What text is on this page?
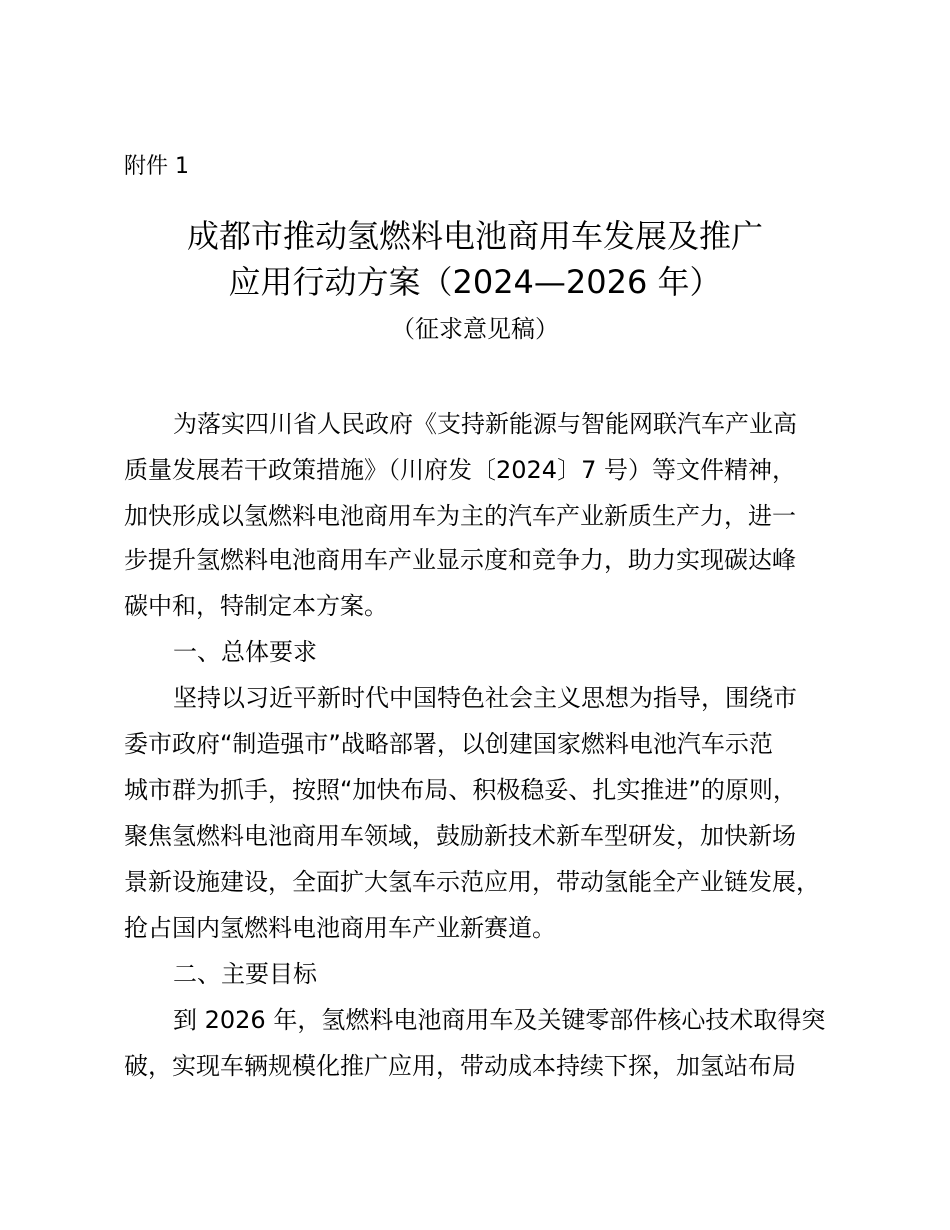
附件 1
成都市推动氢燃料电池商用车发展及推广
应用行动方案（2024—2026 年）
（征求意见稿）
为落实四川省人民政府《支持新能源与智能网联汽车产业高
质量发展若干政策措施》（川府发〔2024〕7 号）等文件精神，
加快形成以氢燃料电池商用车为主的汽车产业新质生产力，进一
步提升氢燃料电池商用车产业显示度和竞争力，助力实现碳达峰
碳中和，特制定本方案。
一、总体要求
坚持以习近平新时代中国特色社会主义思想为指导，围绕市
委市政府“制造强市”战略部署，以创建国家燃料电池汽车示范
城市群为抓手，按照“加快布局、积极稳妥、扎实推进”的原则，
聚焦氢燃料电池商用车领域，鼓励新技术新车型研发，加快新场
景新设施建设，全面扩大氢车示范应用，带动氢能全产业链发展，
抢占国内氢燃料电池商用车产业新赛道。
二、主要目标
到 2026 年，氢燃料电池商用车及关键零部件核心技术取得突
破，实现车辆规模化推广应用，带动成本持续下探，加氢站布局
